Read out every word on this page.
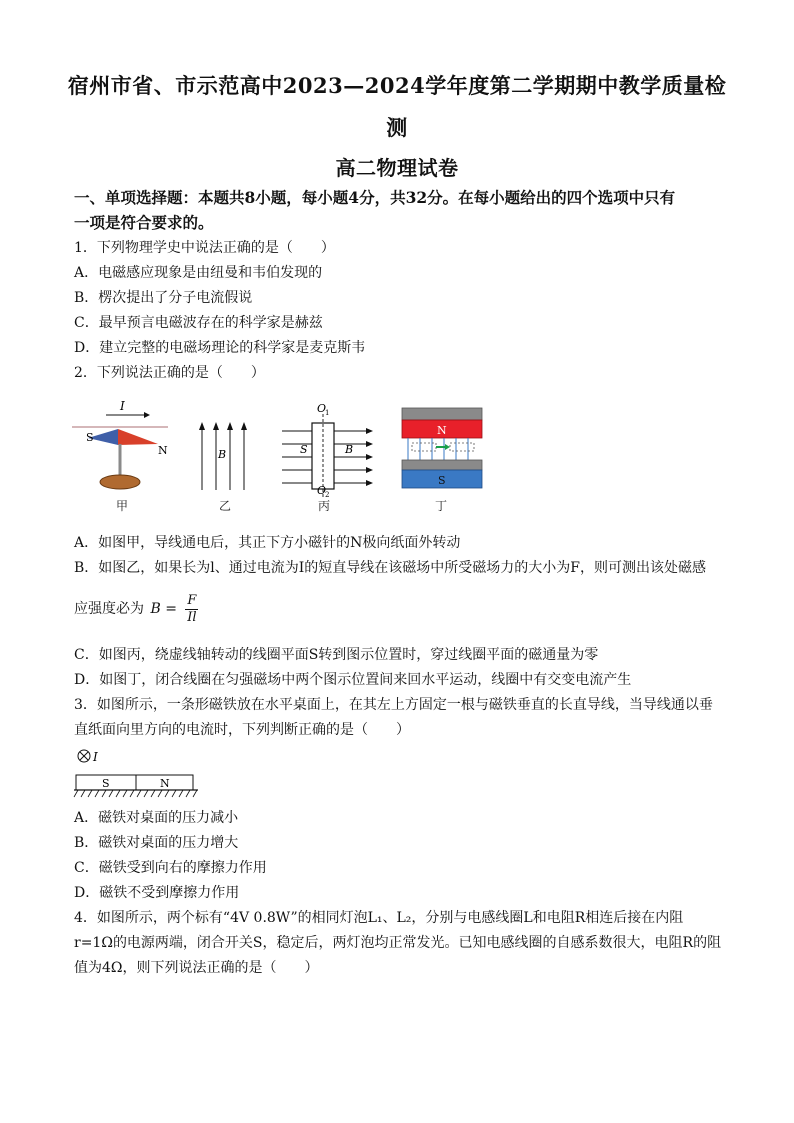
宿州市省、市示范高中2023—2024学年度第二学期期中教学质量检
测
高二物理试卷
一、单项选择题：本题共8小题，每小题4分，共32分。在每小题给出的四个选项中只有
一项是符合要求的。
1．下列物理学史中说法正确的是（　　）
A．电磁感应现象是由纽曼和韦伯发现的
B．楞次提出了分子电流假说
C．最早预言电磁波存在的科学家是赫兹
D．建立完整的电磁场理论的科学家是麦克斯韦
2．下列说法正确的是（　　）
I
S
N
甲
B
乙
O
1
O
2
S	B
丙
N
S
丁
A．如图甲，导线通电后，其正下方小磁针的N极向纸面外转动
B．如图乙，如果长为l、通过电流为I的短直导线在该磁场中所受磁场力的大小为F，则可测出该处磁感
应强度必为 $B = \frac{F}{Il}$
C．如图丙，绕虚线轴转动的线圈平面S转到图示位置时，穿过线圈平面的磁通量为零
D．如图丁，闭合线圈在匀强磁场中两个图示位置间来回水平运动，线圈中有交变电流产生
3．如图所示，一条形磁铁放在水平桌面上，在其左上方固定一根与磁铁垂直的长直导线，当导线通以垂
直纸面向里方向的电流时，下列判断正确的是（　　）
I
S	N
A．磁铁对桌面的压力减小
B．磁铁对桌面的压力增大
C．磁铁受到向右的摩擦力作用
D．磁铁不受到摩擦力作用
4．如图所示，两个标有“4V 0.8W”的相同灯泡L₁、L₂，分别与电感线圈L和电阻R相连后接在内阻
r=1Ω的电源两端，闭合开关S，稳定后，两灯泡均正常发光。已知电感线圈的自感系数很大，电阻R的阻
值为4Ω，则下列说法正确的是（　　）
